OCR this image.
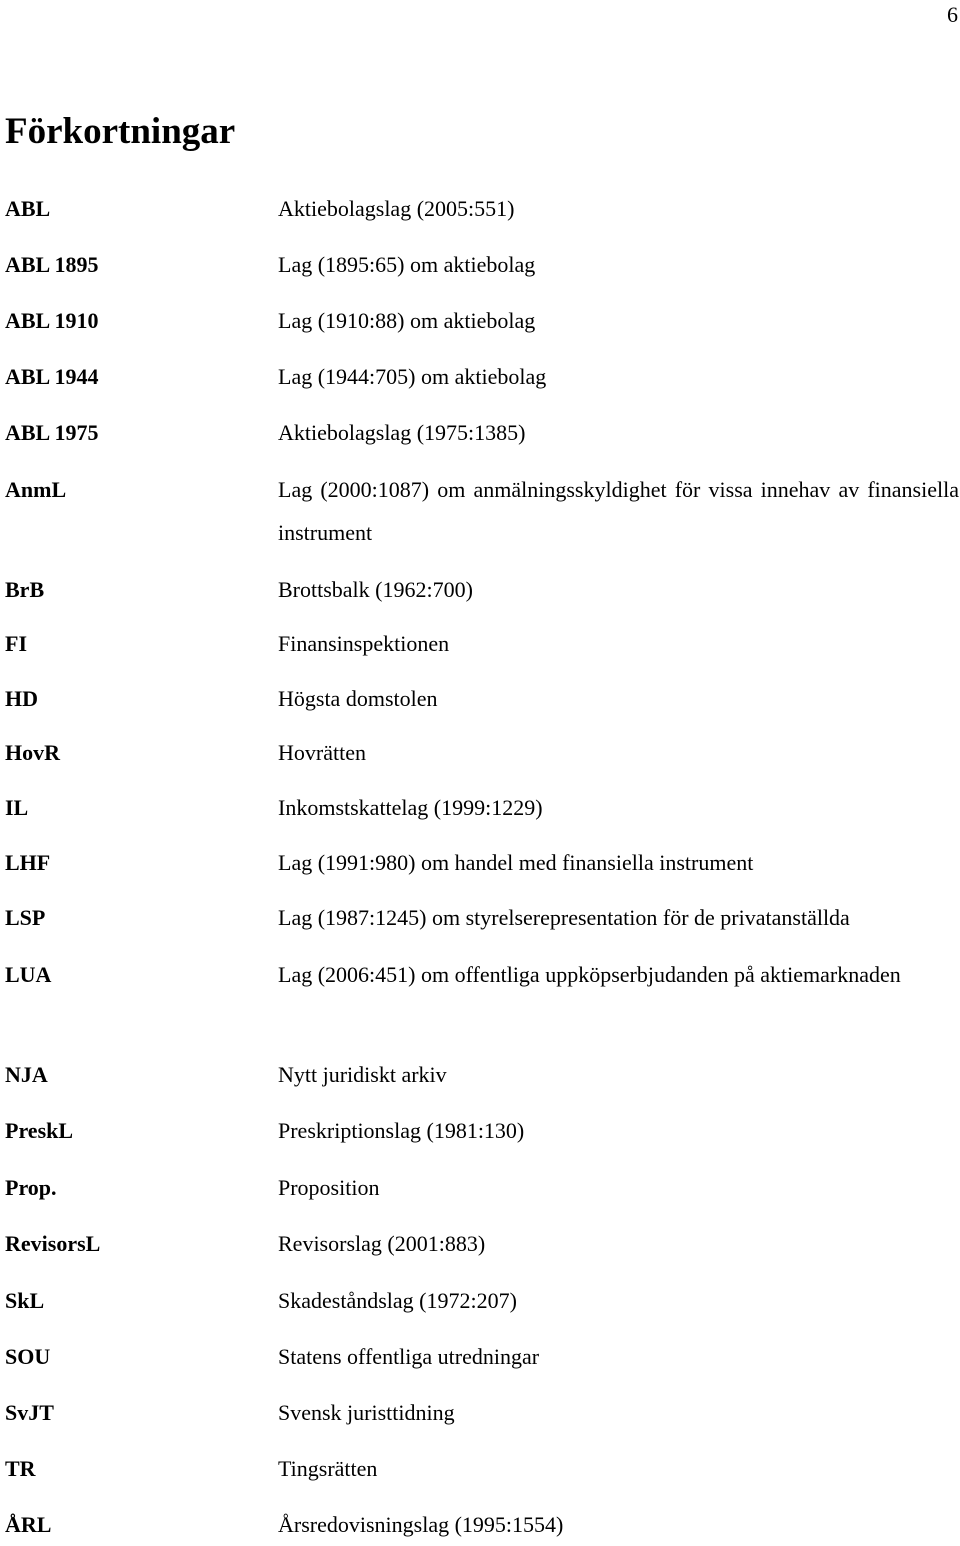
6
Förkortningar
ABL	Aktiebolagslag (2005:551)
ABL 1895	Lag (1895:65) om aktiebolag
ABL 1910	Lag (1910:88) om aktiebolag
ABL 1944	Lag (1944:705) om aktiebolag
ABL 1975	Aktiebolagslag (1975:1385)
AnmL	Lag (2000:1087) om anmälningsskyldighet för vissa innehav av finansiella instrument
BrB	Brottsbalk (1962:700)
FI	Finansinspektionen
HD	Högsta domstolen
HovR	Hovrätten
IL	Inkomstskattelag (1999:1229)
LHF	Lag (1991:980) om handel med finansiella instrument
LSP	Lag (1987:1245) om styrelserepresentation för de privatanställda
LUA	Lag (2006:451) om offentliga uppköpserbjudanden på aktiemarknaden
NJA	Nytt juridiskt arkiv
PreskL	Preskriptionslag (1981:130)
Prop.	Proposition
RevisorsL	Revisorslag (2001:883)
SkL	Skadeståndslag (1972:207)
SOU	Statens offentliga utredningar
SvJT	Svensk juristtidning
TR	Tingsrätten
ÅRL	Årsredovisningslag (1995:1554)
